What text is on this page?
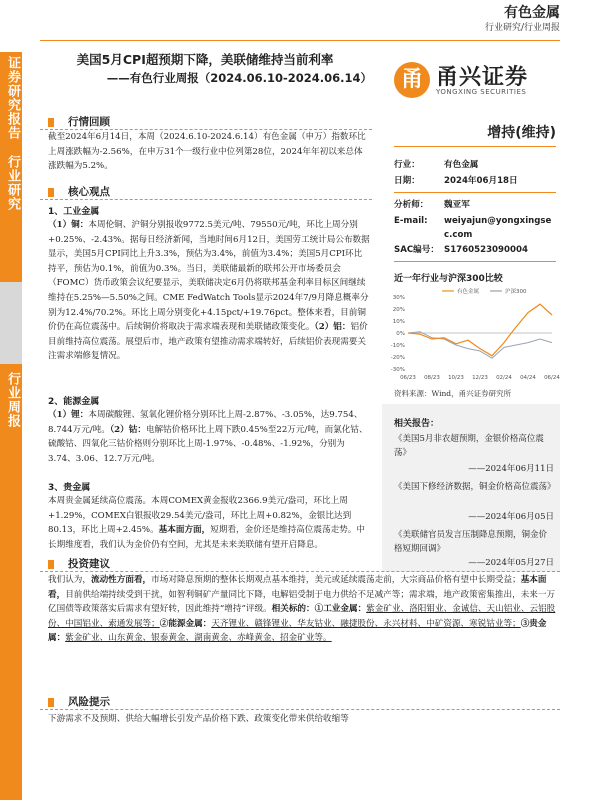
证券研究报告
行业研究
行业周报
有色金属
行业研究/行业周报
美国5月CPI超预期下降，美联储维持当前利率
——有色行业周报（2024.06.10-2024.06.14）	甬 甬兴证券
YONGXING SECURITIES
增持(维持)
行业：	有色金属
日期：	2024年06月18日
分析师： 魏亚军
E-mail: weiyajun@yongxingse
c.com
SAC编号： S1760523090004
近一年行业与沪深300比较
30%
20%
10%
0%
-10%
-20%
-30%
06/23 08/23 10/23 12/23 02/24 04/24 06/24
有色金属	沪深300
资料来源：Wind，甬兴证券研究所
相关报告：
《美国5月非农超预期，金银价格高位震荡》
——2024年06月11日
《美国下修经济数据，铜金价格高位震荡》
——2024年06月05日
《美联储官员发言压制降息预期，铜金价格短期回调》
——2024年05月27日
行情回顾
截至2024年6月14日，本周（2024.6.10-2024.6.14）有色金属（申万）指数环比上周涨跌幅为-2.56%，在申万31个一级行业中位列第28位，2024年年初以来总体涨跌幅为5.2%。
核心观点
1、工业金属
（1）铜：本周伦铜、沪铜分别报收9772.5美元/吨、79550元/吨，环比上周分别+0.25%、-2.43%。据每日经济新闻，当地时间6月12日，美国劳工统计局公布数据显示，美国5月CPI同比上升3.3%，预估为3.4%，前值为3.4%；美国5月CPI环比持平，预估为0.1%，前值为0.3%。当日，美联储最新的联邦公开市场委员会（FOMC）货币政策会议纪要显示，美联储决定6月仍将联邦基金利率目标区间继续维持在5.25%—5.50%之间。CME FedWatch Tools显示2024年7/9月降息概率分别为12.4%/70.2%。环比上周分别变化+4.15pct/+19.76pct。整体来看，目前铜价仍在高位震荡中。后续铜价将取决于需求端表现和美联储政策变化。（2）铝：铝价目前维持高位震荡。展望后市，地产政策有望推动需求端转好，后续铝价表现需要关注需求端修复情况。
2、能源金属
（1）锂：本周碳酸锂、氢氧化锂价格分别环比上周-2.87%、-3.05%，达9.754、8.744万元/吨。（2）钴：电解钴价格环比上周下跌0.45%至22万元/吨，而氯化钴、硫酸钴、四氧化三钴价格则分别环比上周-1.97%、-0.48%、-1.92%，分别为3.74、3.06、12.7万元/吨。
3、贵金属
本周贵金属延续高位震荡。本周COMEX黄金报收2366.9美元/盎司，环比上周+1.29%，COMEX白银报收29.54美元/盎司，环比上周+0.82%，金银比达到80.13，环比上周+2.45%。基本面方面，短期看，金价还是维持高位震荡走势。中长期维度看，我们认为金价仍有空间，尤其是未来美联储有望开启降息。
投资建议
我们认为，流动性方面看，市场对降息预期的整体长期观点基本维持，美元或延续震荡走前，大宗商品价格有望中长期受益；基本面看，目前供给端持续受到干扰，如智利铜矿产量同比下降，电解铝受制于电力供给不足减产等；需求端，地产政策密集推出，未来一万亿国债等政策落实后需求有望好转，因此维持“增持”评级。相关标的：①工业金属：紫金矿业、洛阳钼业、金诚信、天山铝业、云铝股份、中国铝业、索通发展等；②能源金属：天齐锂业、赣锋锂业、华友钴业、融捷股份、永兴材料、中矿资源、寒锐钴业等；③贵金属：紫金矿业、山东黄金、银泰黄金、湖南黄金、赤峰黄金、招金矿业等。
风险提示
下游需求不及预期、供给大幅增长引发产品价格下跌、政策变化带来供给收缩等
